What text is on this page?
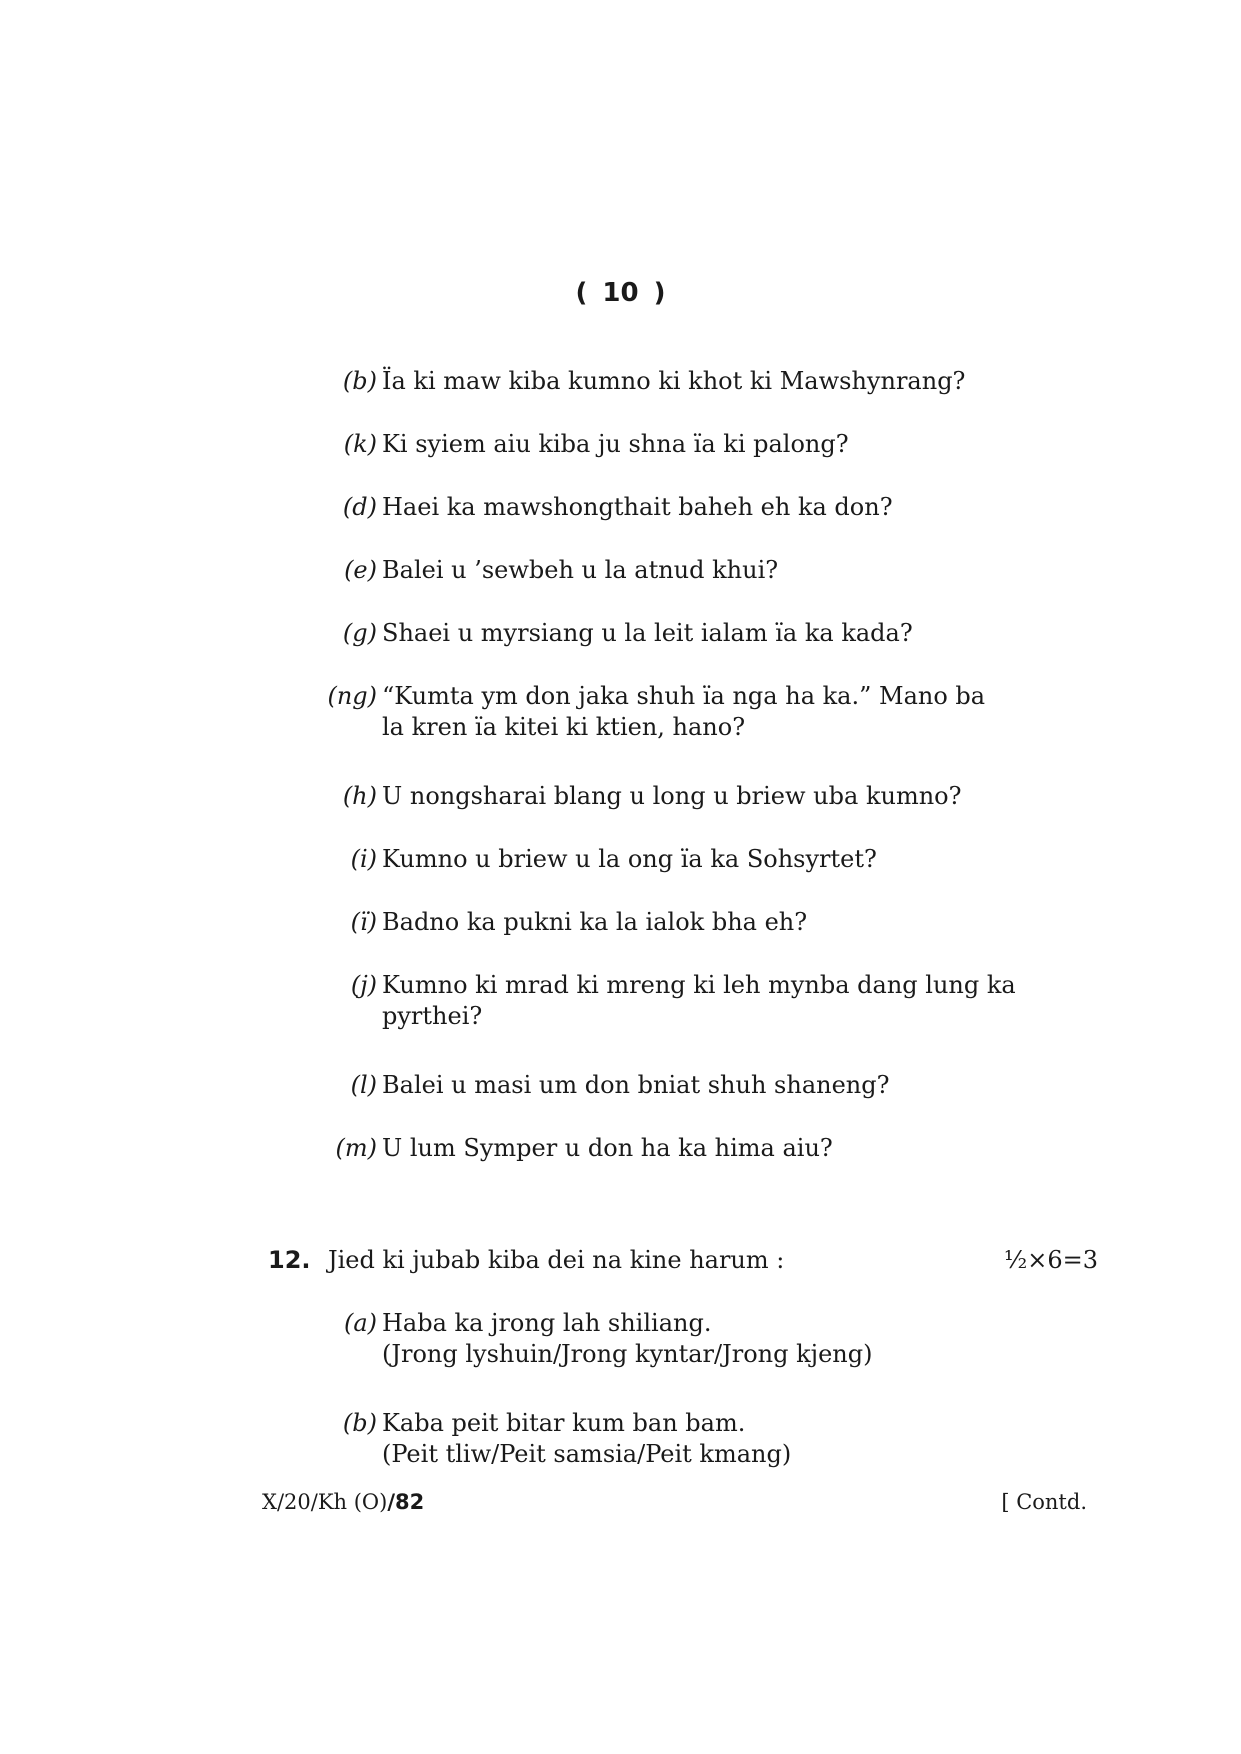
( 10 )
(b) Ïa ki maw kiba kumno ki khot ki Mawshynrang?
(k) Ki syiem aiu kiba ju shna ïa ki palong?
(d) Haei ka mawshongthait baheh eh ka don?
(e) Balei u ’sewbeh u la atnud khui?
(g) Shaei u myrsiang u la leit ialam ïa ka kada?
(ng) “Kumta ym don jaka shuh ïa nga ha ka.” Mano ba
la kren ïa kitei ki ktien, hano?
(h) U nongsharai blang u long u briew uba kumno?
(i) Kumno u briew u la ong ïa ka Sohsyrtet?
(ï) Badno ka pukni ka la ialok bha eh?
(j) Kumno ki mrad ki mreng ki leh mynba dang lung ka
pyrthei?
(l) Balei u masi um don bniat shuh shaneng?
(m) U lum Symper u don ha ka hima aiu?
12. Jied ki jubab kiba dei na kine harum :	½×6=3
(a) Haba ka jrong lah shiliang.
(Jrong lyshuin/Jrong kyntar/Jrong kjeng)
(b) Kaba peit bitar kum ban bam.
(Peit tliw/Peit samsia/Peit kmang)
X/20/Kh (O)/82	[ Contd.
